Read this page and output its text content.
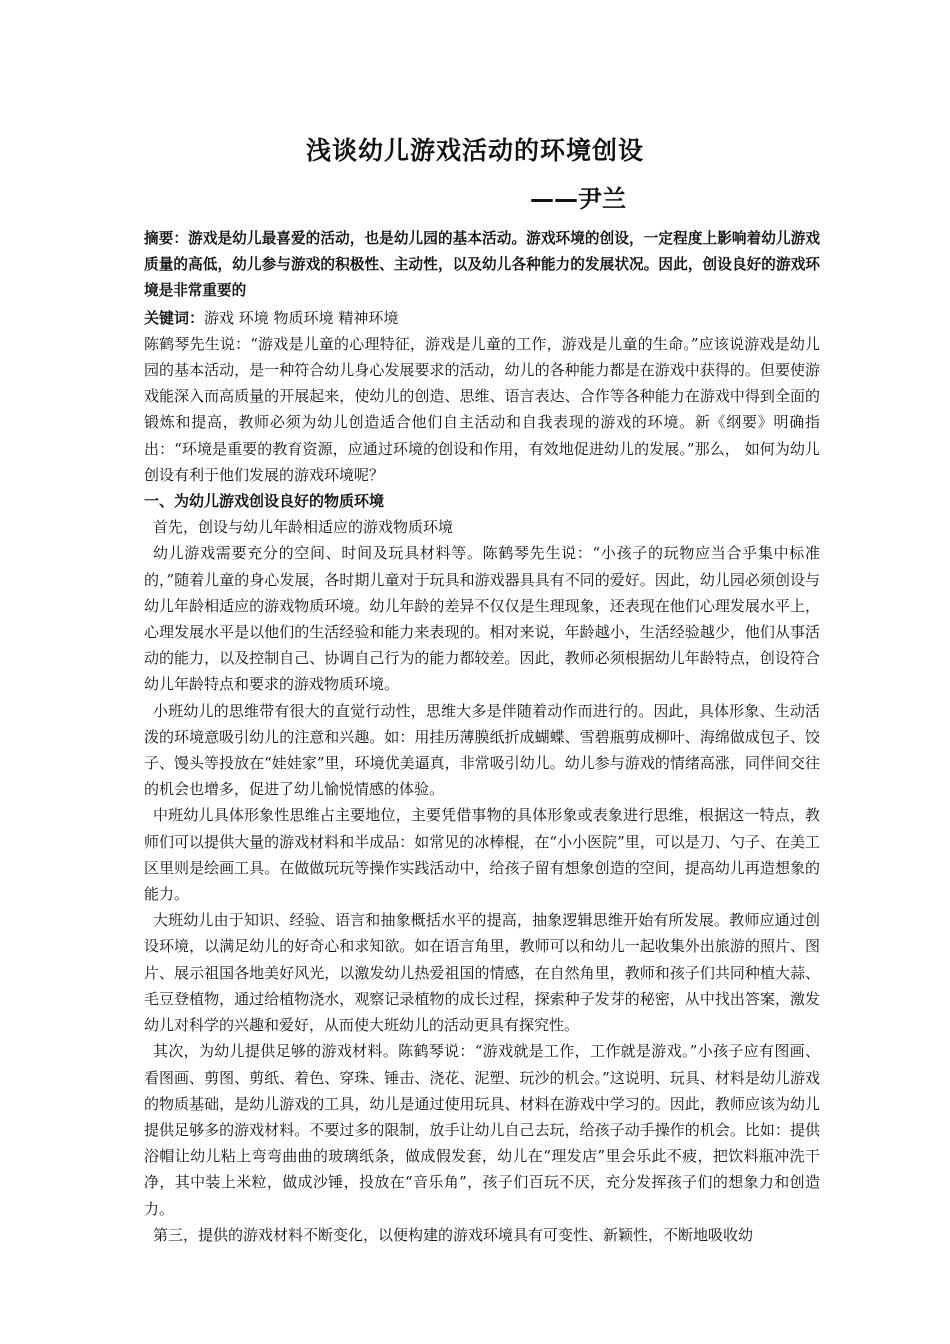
浅谈幼儿游戏活动的环境创设
——尹兰

摘要：游戏是幼儿最喜爱的活动，也是幼儿园的基本活动。游戏环境的创设，一定程度上影响着幼儿游戏质量的高低，幼儿参与游戏的积极性、主动性，以及幼儿各种能力的发展状况。因此，创设良好的游戏环境是非常重要的

关键词：游戏 环境 物质环境 精神环境

陈鹤琴先生说：“游戏是儿童的心理特征，游戏是儿童的工作，游戏是儿童的生命。”应该说游戏是幼儿园的基本活动，是一种符合幼儿身心发展要求的活动，幼儿的各种能力都是在游戏中获得的。但要使游戏能深入而高质量的开展起来，使幼儿的创造、思维、语言表达、合作等各种能力在游戏中得到全面的锻炼和提高，教师必须为幼儿创造适合他们自主活动和自我表现的游戏的环境。新《纲要》明确指出：“环境是重要的教育资源，应通过环境的创设和作用，有效地促进幼儿的发展。”那么， 如何为幼儿创设有利于他们发展的游戏环境呢？

一、为幼儿游戏创设良好的物质环境

首先，创设与幼儿年龄相适应的游戏物质环境

幼儿游戏需要充分的空间、时间及玩具材料等。陈鹤琴先生说：“小孩子的玩物应当合乎集中标准的，”随着儿童的身心发展，各时期儿童对于玩具和游戏器具具有不同的爱好。因此，幼儿园必须创设与幼儿年龄相适应的游戏物质环境。幼儿年龄的差异不仅仅是生理现象，还表现在他们心理发展水平上，心理发展水平是以他们的生活经验和能力来表现的。相对来说，年龄越小，生活经验越少，他们从事活动的能力，以及控制自己、协调自己行为的能力都较差。因此，教师必须根据幼儿年龄特点，创设符合幼儿年龄特点和要求的游戏物质环境。

小班幼儿的思维带有很大的直觉行动性，思维大多是伴随着动作而进行的。因此，具体形象、生动活泼的环境意吸引幼儿的注意和兴趣。如：用挂历薄膜纸折成蝴蝶、雪碧瓶剪成柳叶、海绵做成包子、饺子、馒头等投放在“娃娃家”里，环境优美逼真，非常吸引幼儿。幼儿参与游戏的情绪高涨，同伴间交往的机会也增多，促进了幼儿愉悦情感的体验。

中班幼儿具体形象性思维占主要地位，主要凭借事物的具体形象或表象进行思维，根据这一特点，教师们可以提供大量的游戏材料和半成品：如常见的冰棒棍，在“小小医院”里，可以是刀、勺子、在美工区里则是绘画工具。在做做玩玩等操作实践活动中，给孩子留有想象创造的空间，提高幼儿再造想象的能力。

大班幼儿由于知识、经验、语言和抽象概括水平的提高，抽象逻辑思维开始有所发展。教师应通过创设环境，以满足幼儿的好奇心和求知欲。如在语言角里，教师可以和幼儿一起收集外出旅游的照片、图片、展示祖国各地美好风光，以激发幼儿热爱祖国的情感，在自然角里，教师和孩子们共同种植大蒜、毛豆登植物，通过给植物浇水，观察记录植物的成长过程，探索种子发芽的秘密，从中找出答案，激发幼儿对科学的兴趣和爱好，从而使大班幼儿的活动更具有探究性。

其次，为幼儿提供足够的游戏材料。陈鹤琴说：“游戏就是工作，工作就是游戏。”小孩子应有图画、看图画、剪图、剪纸、着色、穿珠、锤击、浇花、泥塑、玩沙的机会。”这说明、玩具、材料是幼儿游戏的物质基础，是幼儿游戏的工具，幼儿是通过使用玩具、材料在游戏中学习的。因此，教师应该为幼儿提供足够多的游戏材料。不要过多的限制，放手让幼儿自己去玩，给孩子动手操作的机会。比如：提供浴帽让幼儿粘上弯弯曲曲的玻璃纸条，做成假发套，幼儿在“理发店”里会乐此不疲，把饮料瓶冲洗干净，其中装上米粒，做成沙锤，投放在“音乐角”，孩子们百玩不厌，充分发挥孩子们的想象力和创造力。

第三，提供的游戏材料不断变化，以便构建的游戏环境具有可变性、新颖性，不断地吸收幼
